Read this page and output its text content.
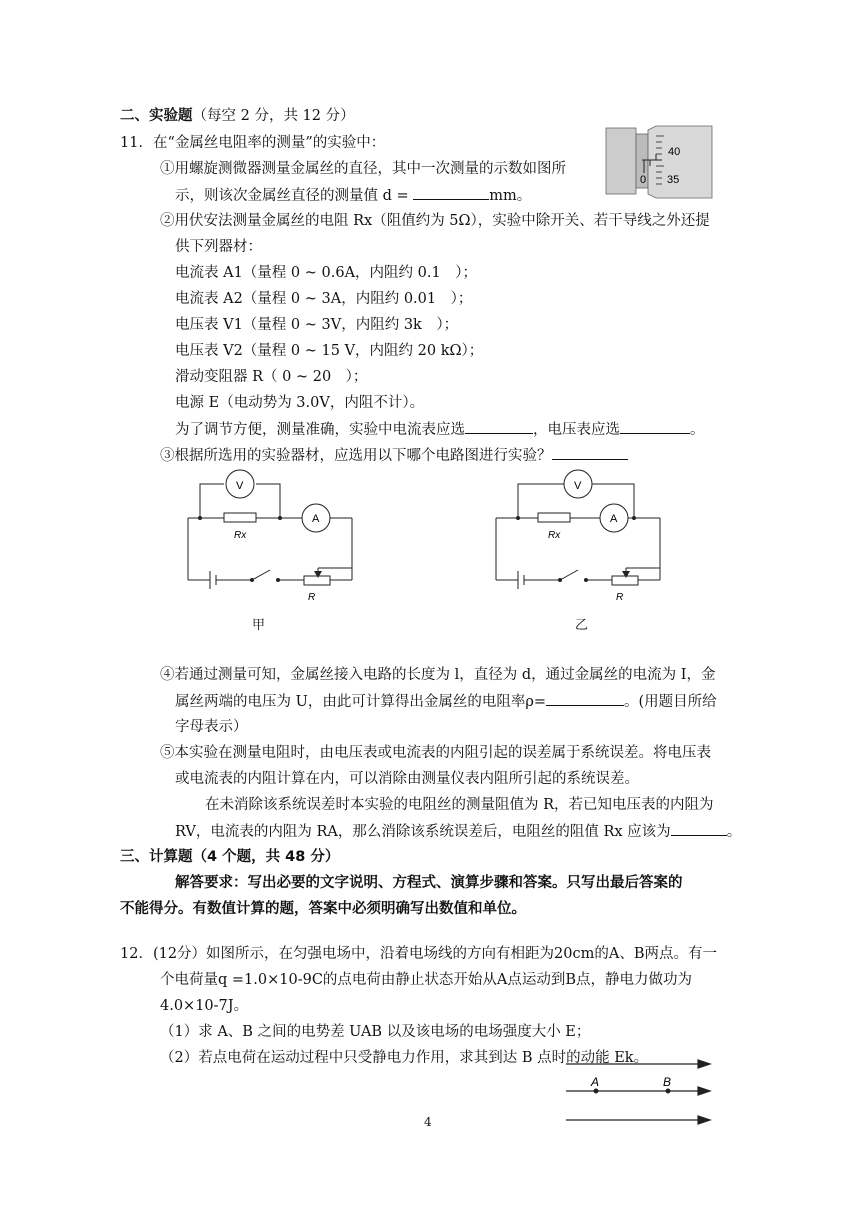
二、实验题（每空 2 分，共 12 分）
11．在“金属丝电阻率的测量”的实验中：
①用螺旋测微器测量金属丝的直径，其中一次测量的示数如图所
示，则该次金属丝直径的测量值 d =	mm。
40
35
0
②用伏安法测量金属丝的电阻 Rx（阻值约为 5Ω），实验中除开关、若干导线之外还提
供下列器材：
电流表 A1（量程 0 ~ 0.6A，内阻约 0.1　）；
电流表 A2（量程 0 ~ 3A，内阻约 0.01　）；
电压表 V1（量程 0 ~ 3V，内阻约 3k　）；
电压表 V2（量程 0 ~ 15 V，内阻约 20 kΩ）；
滑动变阻器 R（ 0 ~ 20　）；
电源 E（电动势为 3.0V，内阻不计）。
为了调节方便，测量准确，实验中电流表应选	，电压表应选	。
③根据所选用的实验器材，应选用以下哪个电路图进行实验？
V
A
Rx
R
甲
V
A
Rx
R
乙
④若通过测量可知，金属丝接入电路的长度为 l，直径为 d，通过金属丝的电流为 I，金
属丝两端的电压为 U，由此可计算得出金属丝的电阻率ρ=	。(用题目所给
字母表示）
⑤本实验在测量电阻时，由电压表或电流表的内阻引起的误差属于系统误差。将电压表
或电流表的内阻计算在内，可以消除由测量仪表内阻所引起的系统误差。
在未消除该系统误差时本实验的电阻丝的测量阻值为 R，若已知电压表的内阻为
RV，电流表的内阻为 RA，那么消除该系统误差后，电阻丝的阻值 Rx 应该为	。
三、计算题（4 个题，共 48 分）
解答要求：写出必要的文字说明、方程式、演算步骤和答案。只写出最后答案的
不能得分。有数值计算的题，答案中必须明确写出数值和单位。
12．(12分）如图所示，在匀强电场中，沿着电场线的方向有相距为20cm的A、B两点。有一
个电荷量q =1.0×10-9C的点电荷由静止状态开始从A点运动到B点，静电力做功为
4.0×10-7J。
（1）求 A、B 之间的电势差 UAB 以及该电场的电场强度大小 E；
（2）若点电荷在运动过程中只受静电力作用，求其到达 B 点时的动能 Ek。
A	B
4
